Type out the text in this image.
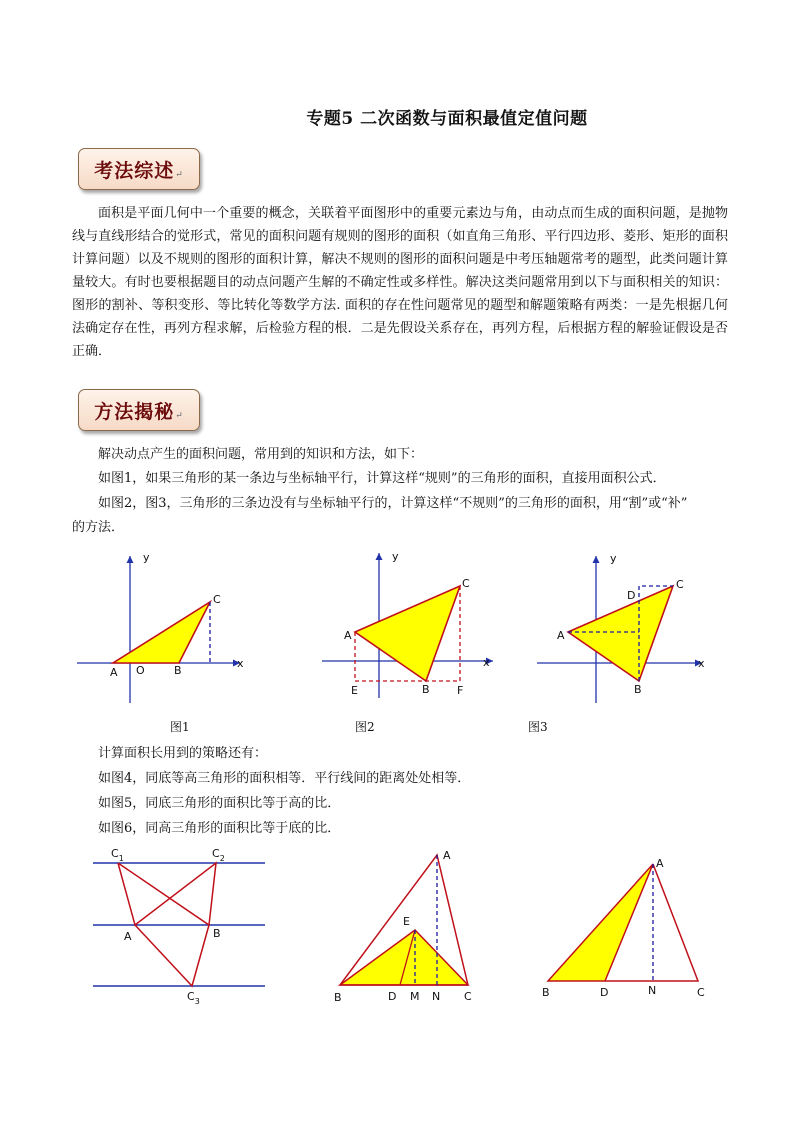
专题5 二次函数与面积最值定值问题
考法综述 ↵

面积是平面几何中一个重要的概念，关联着平面图形中的重要元素边与角，由动点而生成的面积问题，是抛物线与直线形结合的觉形式，常见的面积问题有规则的图形的面积（如直角三角形、平行四边形、菱形、矩形的面积计算问题）以及不规则的图形的面积计算，解决不规则的图形的面积问题是中考压轴题常考的题型，此类问题计算量较大。有时也要根据题目的动点问题产生解的不确定性或多样性。解决这类问题常用到以下与面积相关的知识：图形的割补、等积变形、等比转化等数学方法. 面积的存在性问题常见的题型和解题策略有两类：一是先根据几何法确定存在性，再列方程求解，后检验方程的根．二是先假设关系存在，再列方程，后根据方程的解验证假设是否正确．

方法揭秘 ↵

解决动点产生的面积问题，常用到的知识和方法，如下：

如图1，如果三角形的某一条边与坐标轴平行，计算这样“规则”的三角形的面积，直接用面积公式．

如图2，图3，三角形的三条边没有与坐标轴平行的，计算这样“不规则”的三角形的面积，用“割”或“补”

的方法．

y
x
A O	B
C
图1
y
x
A
B
C
E	F
图2
y
x
A
B
C
D
图3

计算面积长用到的策略还有：

如图4，同底等高三角形的面积相等．平行线间的距离处处相等．

如图5，同底三角形的面积比等于高的比．

如图6，同高三角形的面积比等于底的比．

$C_1$	$C_2$
A	B
$C_3$
A
E
B	D M N C
A
B	D	N	C
